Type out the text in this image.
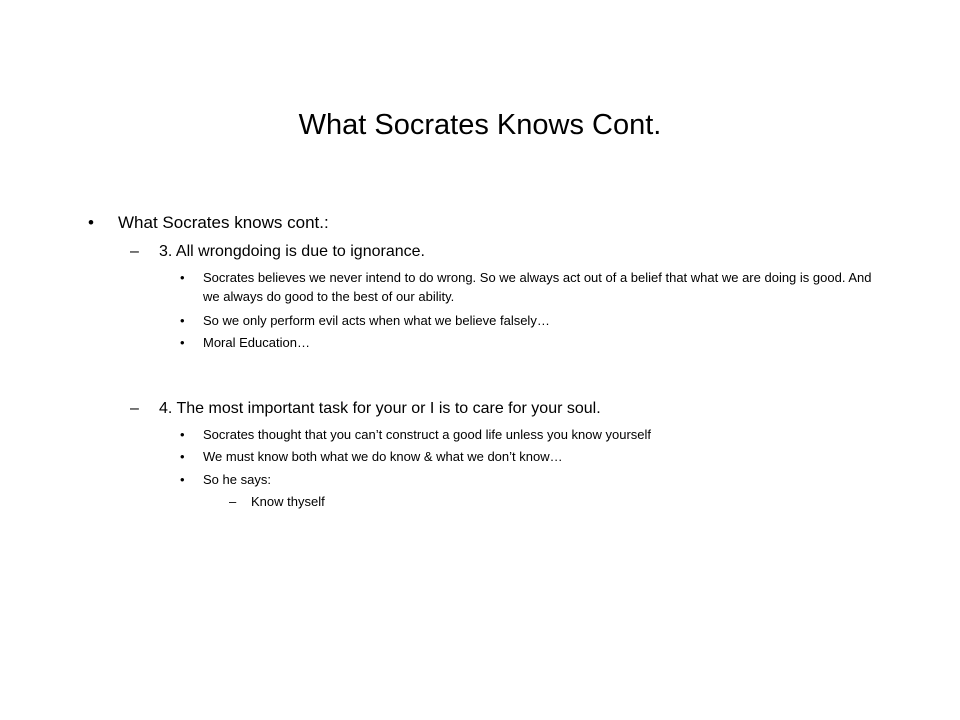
What Socrates Knows Cont.
•	What Socrates knows cont.:
–	3. All wrongdoing is due to ignorance.
•	Socrates believes we never intend to do wrong. So we always act out of a belief that what we are doing is good. And we always do good to the best of our ability.
•	So we only perform evil acts when what we believe falsely…
•	Moral Education…
–	4. The most important task for your or I is to care for your soul.
•	Socrates thought that you can’t construct a good life unless you know yourself
•	We must know both what we do know & what we don’t know…
•	So he says:
–	Know thyself
